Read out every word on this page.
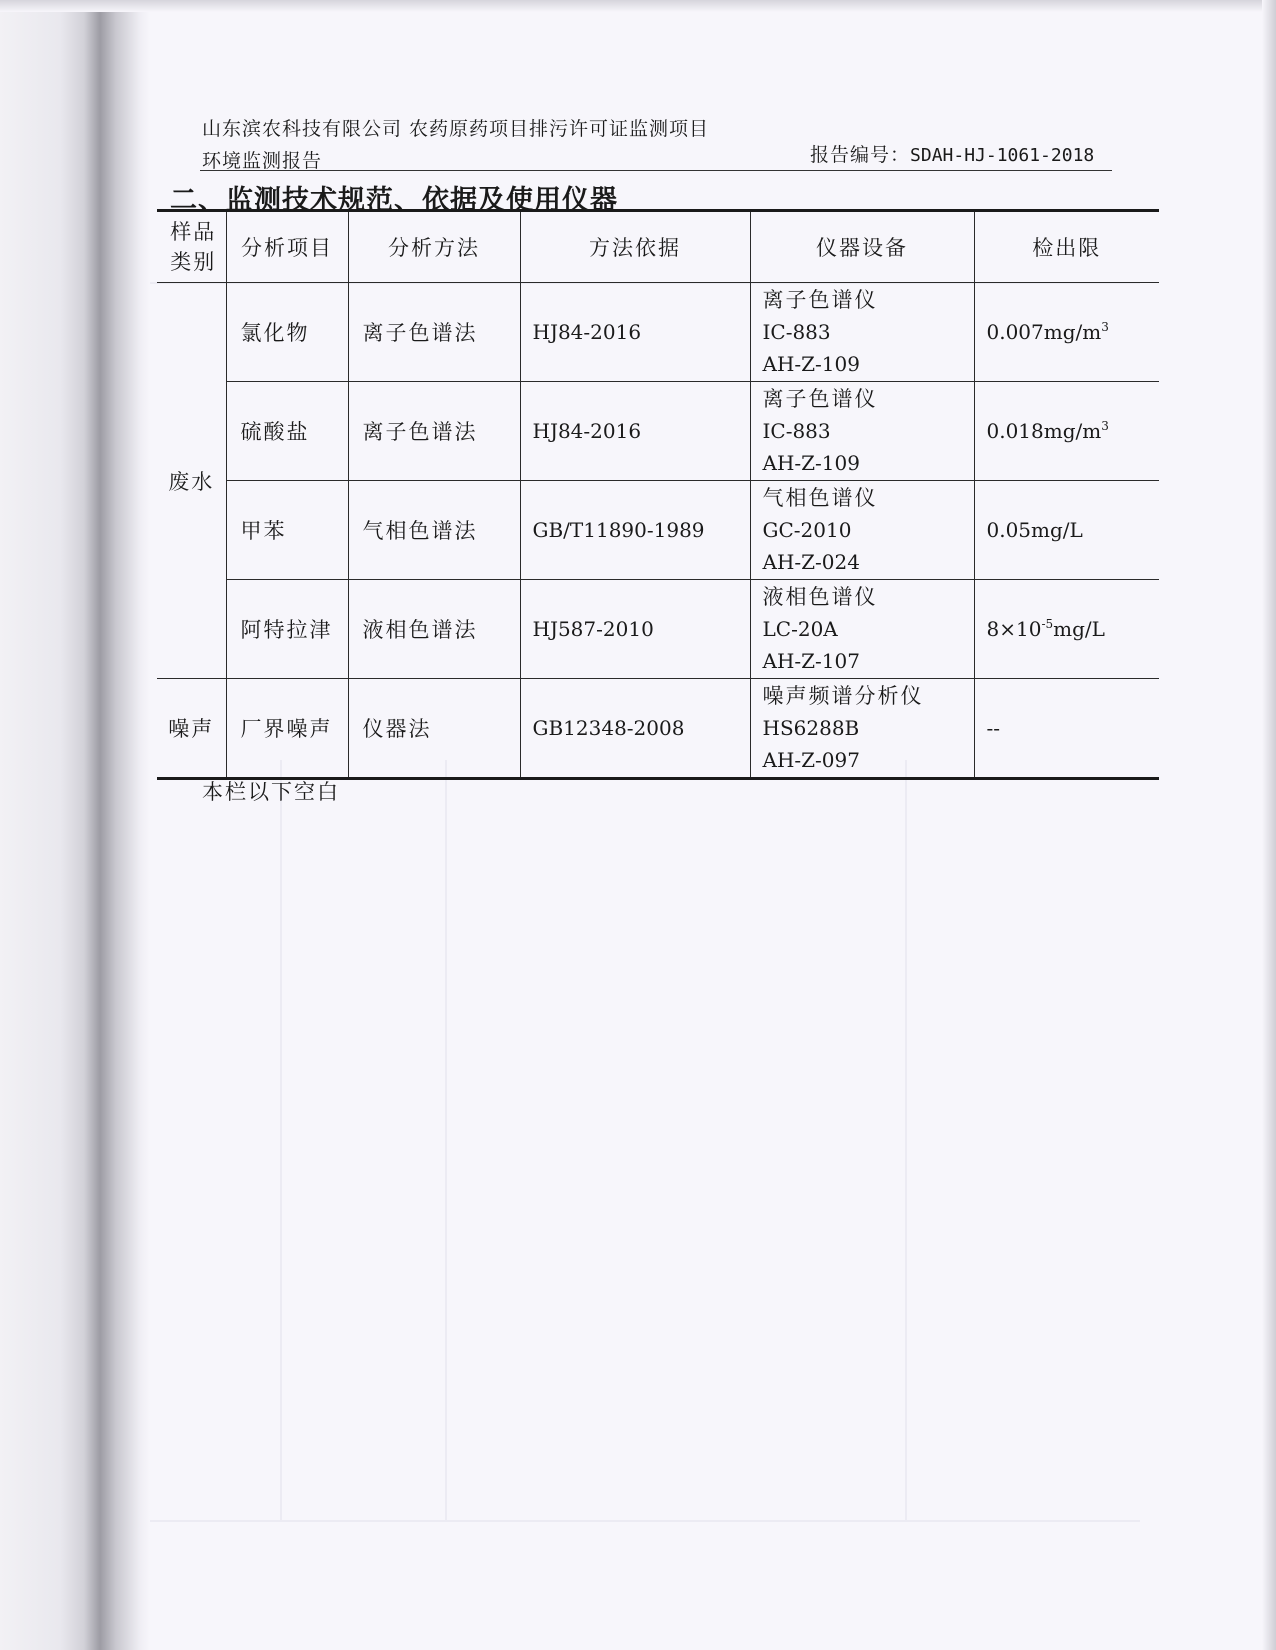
山东滨农科技有限公司 农药原药项目排污许可证监测项目
环境监测报告	报告编号：SDAH-HJ-1061-2018
二、监测技术规范、依据及使用仪器
样品
类别	分析项目	分析方法	方法依据	仪器设备	检出限
废水	氯化物	离子色谱法	HJ84-2016	离子色谱仪
IC-883
AH-Z-109	$0.007mg/m^3$
	硫酸盐	离子色谱法	HJ84-2016	离子色谱仪
IC-883
AH-Z-109	$0.018mg/m^3$
	甲苯	气相色谱法	GB/T11890-1989	气相色谱仪
GC-2010
AH-Z-024	0.05mg/L
	阿特拉津	液相色谱法	HJ587-2010	液相色谱仪
LC-20A
AH-Z-107	$8\times 10^{-5}mg/L$
噪声	厂界噪声	仪器法	GB12348-2008	噪声频谱分析仪
HS6288B
AH-Z-097	--
本栏以下空白
